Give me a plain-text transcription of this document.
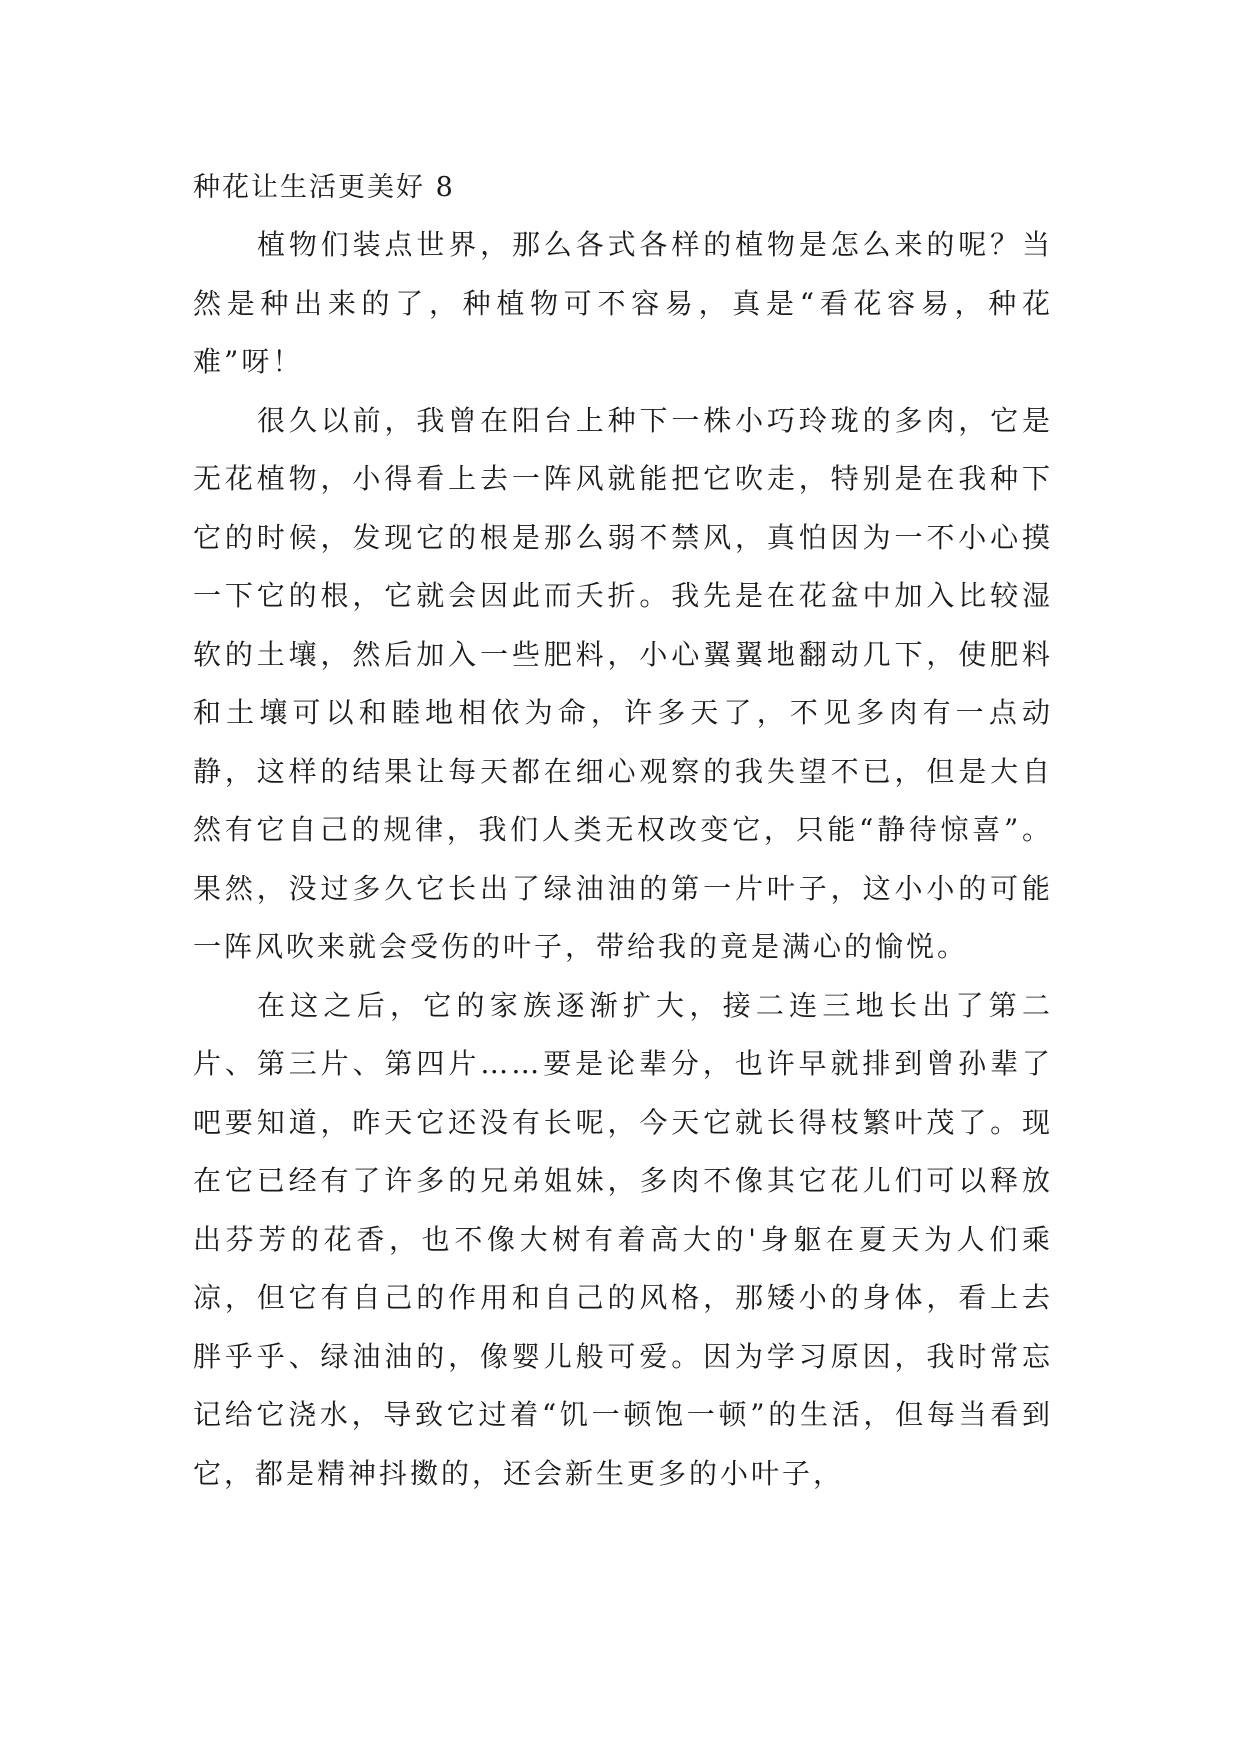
种花让生活更美好 8

植物们装点世界，那么各式各样的植物是怎么来的呢？当然是种出来的了，种植物可不容易，真是“看花容易，种花难”呀！

很久以前，我曾在阳台上种下一株小巧玲珑的多肉，它是无花植物，小得看上去一阵风就能把它吹走，特别是在我种下它的时候，发现它的根是那么弱不禁风，真怕因为一不小心摸一下它的根，它就会因此而夭折。我先是在花盆中加入比较湿软的土壤，然后加入一些肥料，小心翼翼地翻动几下，使肥料和土壤可以和睦地相依为命，许多天了，不见多肉有一点动静，这样的结果让每天都在细心观察的我失望不已，但是大自然有它自己的规律，我们人类无权改变它，只能“静待惊喜”。果然，没过多久它长出了绿油油的第一片叶子，这小小的可能一阵风吹来就会受伤的叶子，带给我的竟是满心的愉悦。

在这之后，它的家族逐渐扩大，接二连三地长出了第二片、第三片、第四片……要是论辈分，也许早就排到曾孙辈了吧要知道，昨天它还没有长呢，今天它就长得枝繁叶茂了。现在它已经有了许多的兄弟姐妹，多肉不像其它花儿们可以释放出芬芳的花香，也不像大树有着高大的'身躯在夏天为人们乘凉，但它有自己的作用和自己的风格，那矮小的身体，看上去胖乎乎、绿油油的，像婴儿般可爱。因为学习原因，我时常忘记给它浇水，导致它过着“饥一顿饱一顿”的生活，但每当看到它，都是精神抖擞的，还会新生更多的小叶子，
